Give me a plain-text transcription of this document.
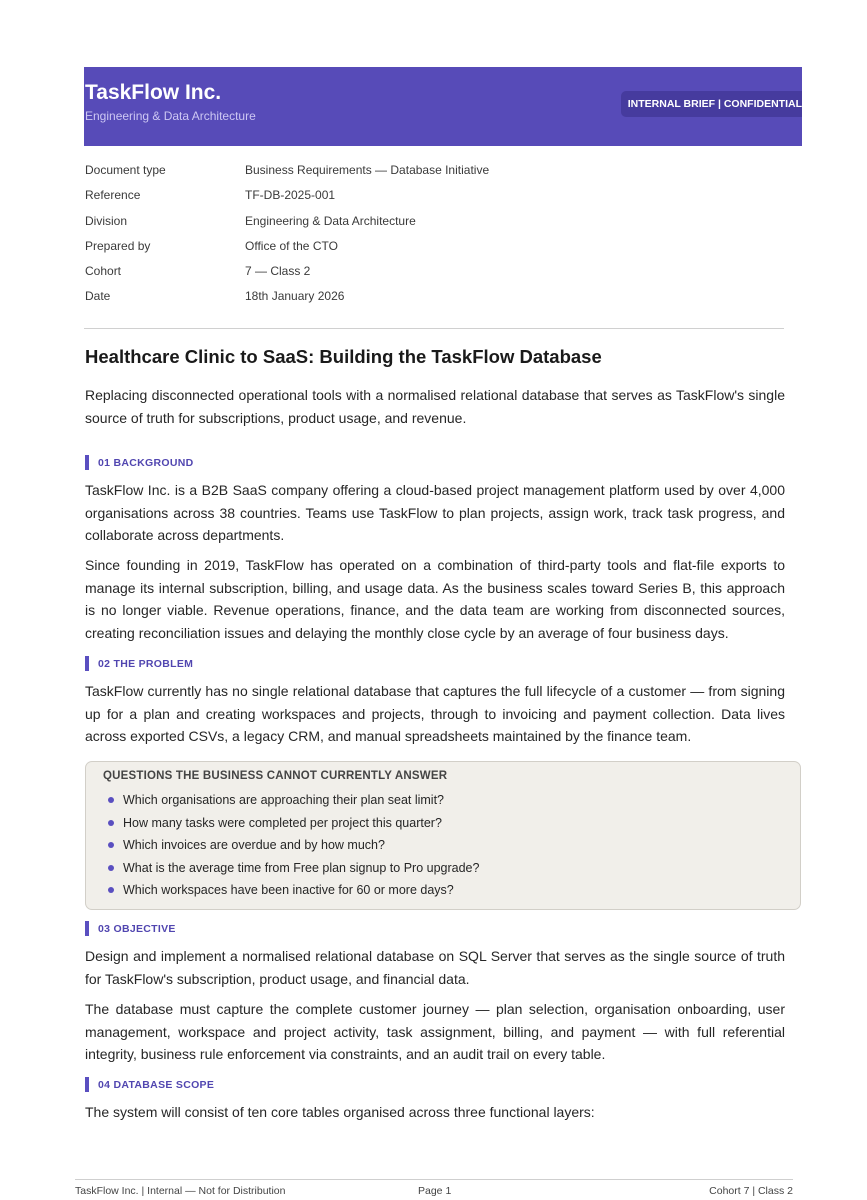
TaskFlow Inc.
Engineering & Data Architecture
INTERNAL BRIEF | CONFIDENTIAL
Document type	Business Requirements — Database Initiative
Reference	TF-DB-2025-001
Division	Engineering & Data Architecture
Prepared by	Office of the CTO
Cohort	7 — Class 2
Date	18th January 2026
Healthcare Clinic to SaaS: Building the TaskFlow Database

Replacing disconnected operational tools with a normalised relational database that serves as TaskFlow's single source of truth for subscriptions, product usage, and revenue.

01 BACKGROUND

TaskFlow Inc. is a B2B SaaS company offering a cloud-based project management platform used by over 4,000 organisations across 38 countries. Teams use TaskFlow to plan projects, assign work, track task progress, and collaborate across departments.

Since founding in 2019, TaskFlow has operated on a combination of third-party tools and flat-file exports to manage its internal subscription, billing, and usage data. As the business scales toward Series B, this approach is no longer viable. Revenue operations, finance, and the data team are working from disconnected sources, creating reconciliation issues and delaying the monthly close cycle by an average of four business days.

02 THE PROBLEM

TaskFlow currently has no single relational database that captures the full lifecycle of a customer — from signing up for a plan and creating workspaces and projects, through to invoicing and payment collection. Data lives across exported CSVs, a legacy CRM, and manual spreadsheets maintained by the finance team.

QUESTIONS THE BUSINESS CANNOT CURRENTLY ANSWER
Which organisations are approaching their plan seat limit?
How many tasks were completed per project this quarter?
Which invoices are overdue and by how much?
What is the average time from Free plan signup to Pro upgrade?
Which workspaces have been inactive for 60 or more days?
03 OBJECTIVE

Design and implement a normalised relational database on SQL Server that serves as the single source of truth for TaskFlow's subscription, product usage, and financial data.

The database must capture the complete customer journey — plan selection, organisation onboarding, user management, workspace and project activity, task assignment, billing, and payment — with full referential integrity, business rule enforcement via constraints, and an audit trail on every table.

04 DATABASE SCOPE

The system will consist of ten core tables organised across three functional layers:

TaskFlow Inc. | Internal — Not for Distribution	Page 1	Cohort 7 | Class 2
